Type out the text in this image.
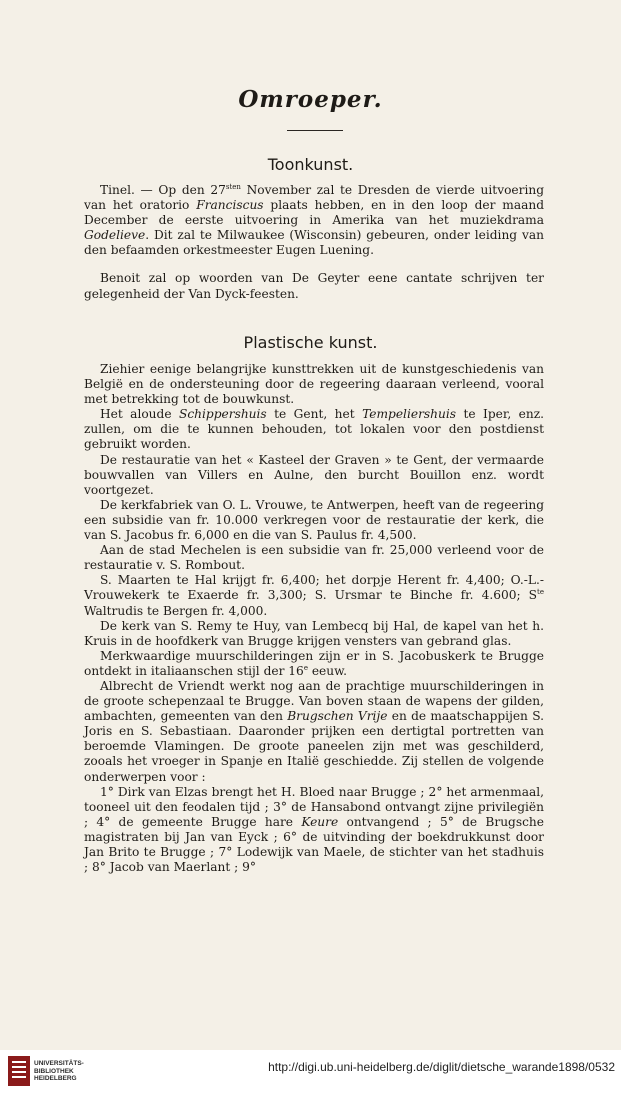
Omroeper.
Toonkunst.

Tinel. — Op den $27^{sten}$ November zal te Dresden de vierde uitvoering van het oratorio Franciscus plaats hebben, en in den loop der maand December de eerste uitvoering in Amerika van het muziekdrama Godelieve. Dit zal te Milwaukee (Wisconsin) gebeuren, onder leiding van den befaamden orkestmeester Eugen Luening.

Benoit zal op woorden van De Geyter eene cantate schrijven ter gelegenheid der Van Dyck-feesten.

Plastische kunst.

Ziehier eenige belangrijke kunsttrekken uit de kunstgeschiedenis van België en de ondersteuning door de regeering daaraan verleend, vooral met betrekking tot de bouwkunst.

Het aloude Schippershuis te Gent, het Tempeliershuis te Iper, enz. zullen, om die te kunnen behouden, tot lokalen voor den postdienst gebruikt worden.

De restauratie van het « Kasteel der Graven » te Gent, der vermaarde bouwvallen van Villers en Aulne, den burcht Bouillon enz. wordt voortgezet.

De kerkfabriek van O. L. Vrouwe, te Antwerpen, heeft van de regeering een subsidie van fr. 10.000 verkregen voor de restauratie der kerk, die van S. Jacobus fr. 6,000 en die van S. Paulus fr. 4,500.

Aan de stad Mechelen is een subsidie van fr. 25,000 verleend voor de restauratie v. S. Rombout.

S. Maarten te Hal krijgt fr. 6,400; het dorpje Herent fr. 4,400; O.-L.-Vrouwekerk te Exaerde fr. 3,300; S. Ursmar te Binche fr. 4.600; $S^{te}$ Waltrudis te Bergen fr. 4,000.

De kerk van S. Remy te Huy, van Lembecq bij Hal, de kapel van het h. Kruis in de hoofdkerk van Brugge krijgen vensters van gebrand glas.

Merkwaardige muurschilderingen zijn er in S. Jacobuskerk te Brugge ontdekt in italiaanschen stijl der 16e eeuw.

Albrecht de Vriendt werkt nog aan de prachtige muurschilderingen in de groote schepenzaal te Brugge. Van boven staan de wapens der gilden, ambachten, gemeenten van den Brugschen Vrije en de maatschappijen S. Joris en S. Sebastiaan. Daaronder prijken een dertigtal portretten van beroemde Vlamingen. De groote paneelen zijn met was geschilderd, zooals het vroeger in Spanje en Italië geschiedde. Zij stellen de volgende onderwerpen voor :

1° Dirk van Elzas brengt het H. Bloed naar Brugge ; 2° het armenmaal, tooneel uit den feodalen tijd ; 3° de Hansabond ontvangt zijne privilegiën ; 4° de gemeente Brugge hare Keure ontvangend ; 5° de Brugsche magistraten bij Jan van Eyck ; 6° de uitvinding der boekdrukkunst door Jan Brito te Brugge ; 7° Lodewijk van Maele, de stichter van het stadhuis ; 8° Jacob van Maerlant ; 9°

UNIVERSITÄTS-
BIBLIOTHEK
HEIDELBERG
http://digi.ub.uni-heidelberg.de/diglit/dietsche_warande1898/0532
